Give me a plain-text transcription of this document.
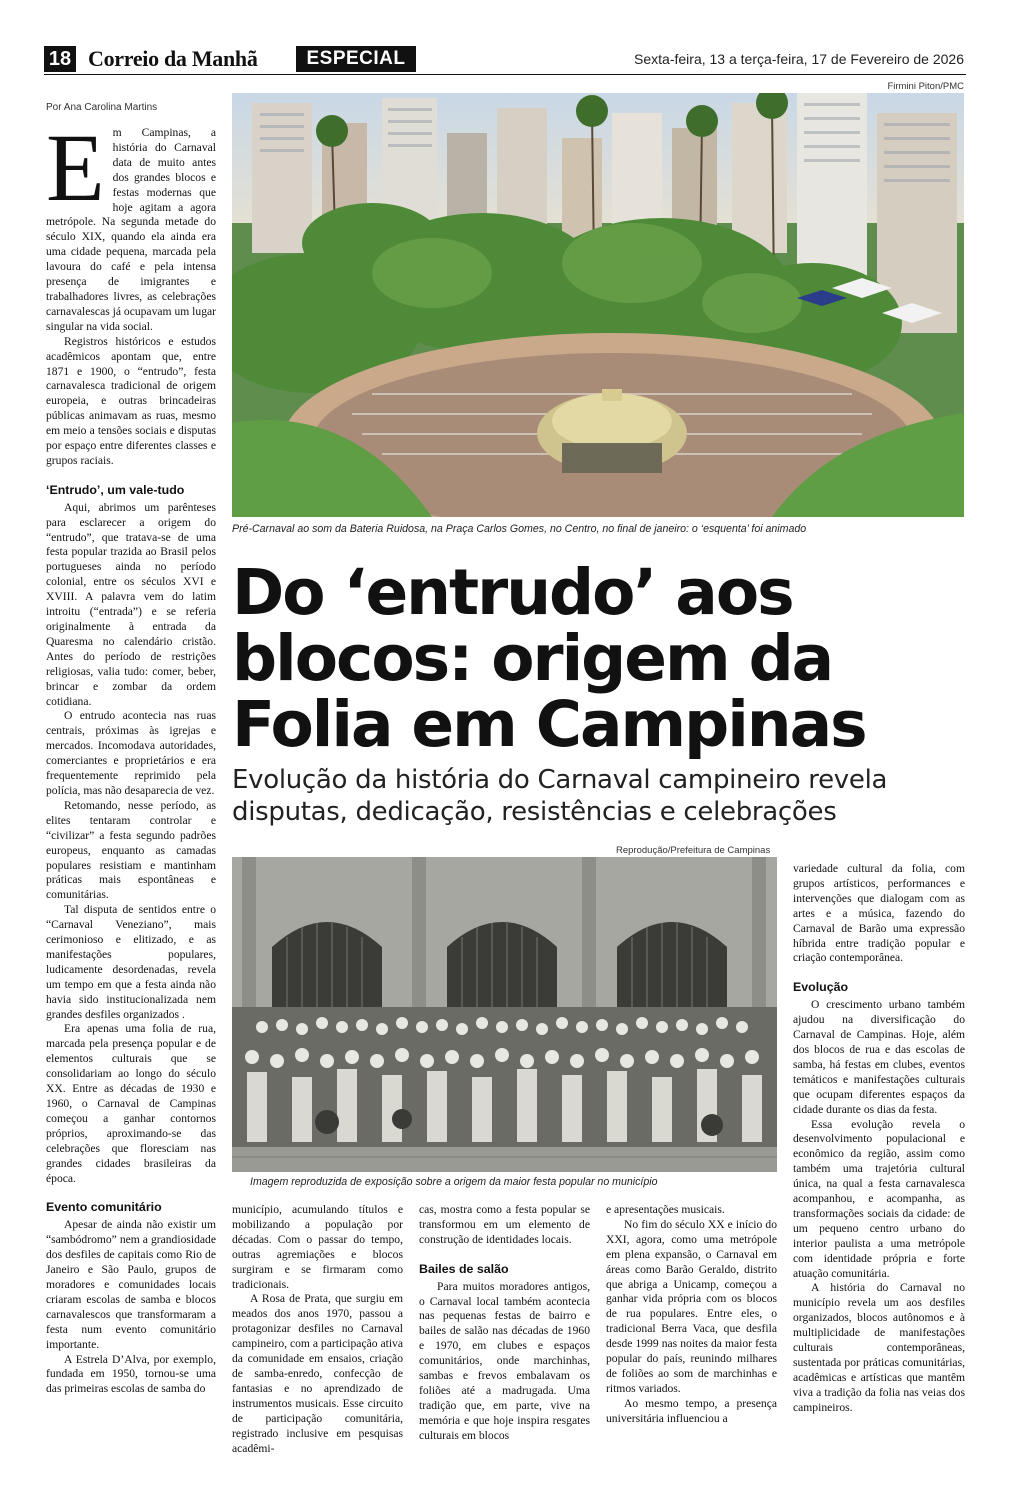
18 Correio da Manhã	ESPECIAL	Sexta-feira, 13 a terça-feira, 17 de Fevereiro de 2026
Por Ana Carolina Martins
Firmini Piton/PMC
Pré-Carnaval ao som da Bateria Ruidosa, na Praça Carlos Gomes, no Centro, no final de janeiro: o ‘esquenta’ foi animado
Do ‘entrudo’ aos blocos: origem da Folia em Campinas
Evolução da história do Carnaval campineiro revela disputas, dedicação, resistências e celebrações
Reprodução/Prefeitura de Campinas
Imagem reproduzida de exposição sobre a origem da maior festa popular no município

Em Campinas, a história do Carnaval data de muito antes dos grandes blocos e festas modernas que hoje agitam a agora metrópole. Na segunda metade do século XIX, quando ela ainda era uma cidade pequena, marcada pela lavoura do café e pela intensa presença de imigrantes e trabalhadores livres, as celebrações carnavalescas já ocupavam um lugar singular na vida social.

Registros históricos e estudos acadêmicos apontam que, entre 1871 e 1900, o “entrudo”, festa carnavalesca tradicional de origem europeia, e outras brincadeiras públicas animavam as ruas, mesmo em meio a tensões sociais e disputas por espaço entre diferentes classes e grupos raciais.

‘Entrudo’, um vale-tudo

Aqui, abrimos um parênteses para esclarecer a origem do “entrudo”, que tratava-se de uma festa popular trazida ao Brasil pelos portugueses ainda no período colonial, entre os séculos XVI e XVIII. A palavra vem do latim introitu (“entrada”) e se referia originalmente à entrada da Quaresma no calendário cristão. Antes do período de restrições religiosas, valia tudo: comer, beber, brincar e zombar da ordem cotidiana.

O entrudo acontecia nas ruas centrais, próximas às igrejas e mercados. Incomodava autoridades, comerciantes e proprietários e era frequentemente reprimido pela polícia, mas não desaparecia de vez.

Retomando, nesse período, as elites tentaram controlar e “civilizar” a festa segundo padrões europeus, enquanto as camadas populares resistiam e mantinham práticas mais espontâneas e comunitárias.

Tal disputa de sentidos entre o “Carnaval Veneziano”, mais cerimonioso e elitizado, e as manifestações populares, ludicamente desordenadas, revela um tempo em que a festa ainda não havia sido institucionalizada nem grandes desfiles organizados .

Era apenas uma folia de rua, marcada pela presença popular e de elementos culturais que se consolidariam ao longo do século XX. Entre as décadas de 1930 e 1960, o Carnaval de Campinas começou a ganhar contornos próprios, aproximando-se das celebrações que floresciam nas grandes cidades brasileiras da época.

Evento comunitário

Apesar de ainda não existir um “sambódromo” nem a grandiosidade dos desfiles de capitais como Rio de Janeiro e São Paulo, grupos de moradores e comunidades locais criaram escolas de samba e blocos carnavalescos que transformaram a festa num evento comunitário importante.

A Estrela D’Alva, por exemplo, fundada em 1950, tornou-se uma das primeiras escolas de samba do

município, acumulando títulos e mobilizando a população por décadas. Com o passar do tempo, outras agremiações e blocos surgiram e se firmaram como tradicionais.

A Rosa de Prata, que surgiu em meados dos anos 1970, passou a protagonizar desfiles no Carnaval campineiro, com a participação ativa da comunidade em ensaios, criação de samba-enredo, confecção de fantasias e no aprendizado de instrumentos musicais. Esse circuito de participação comunitária, registrado inclusive em pesquisas acadêmi-

cas, mostra como a festa popular se transformou em um elemento de construção de identidades locais.

Bailes de salão

Para muitos moradores antigos, o Carnaval local também acontecia nas pequenas festas de bairro e bailes de salão nas décadas de 1960 e 1970, em clubes e espaços comunitários, onde marchinhas, sambas e frevos embalavam os foliões até a madrugada. Uma tradição que, em parte, vive na memória e que hoje inspira resgates culturais em blocos

e apresentações musicais.

No fim do século XX e início do XXI, agora, como uma metrópole em plena expansão, o Carnaval em áreas como Barão Geraldo, distrito que abriga a Unicamp, começou a ganhar vida própria com os blocos de rua populares. Entre eles, o tradicional Berra Vaca, que desfila desde 1999 nas noites da maior festa popular do país, reunindo milhares de foliões ao som de marchinhas e ritmos variados.

Ao mesmo tempo, a presença universitária influenciou a

variedade cultural da folia, com grupos artísticos, performances e intervenções que dialogam com as artes e a música, fazendo do Carnaval de Barão uma expressão híbrida entre tradição popular e criação contemporânea.

Evolução

O crescimento urbano também ajudou na diversificação do Carnaval de Campinas. Hoje, além dos blocos de rua e das escolas de samba, há festas em clubes, eventos temáticos e manifestações culturais que ocupam diferentes espaços da cidade durante os dias da festa.

Essa evolução revela o desenvolvimento populacional e econômico da região, assim como também uma trajetória cultural única, na qual a festa carnavalesca acompanhou, e acompanha, as transformações sociais da cidade: de um pequeno centro urbano do interior paulista a uma metrópole com identidade própria e forte atuação comunitária.

A história do Carnaval no município revela um aos desfiles organizados, blocos autônomos e à multiplicidade de manifestações culturais contemporâneas, sustentada por práticas comunitárias, acadêmicas e artísticas que mantêm viva a tradição da folia nas veias dos campineiros.
